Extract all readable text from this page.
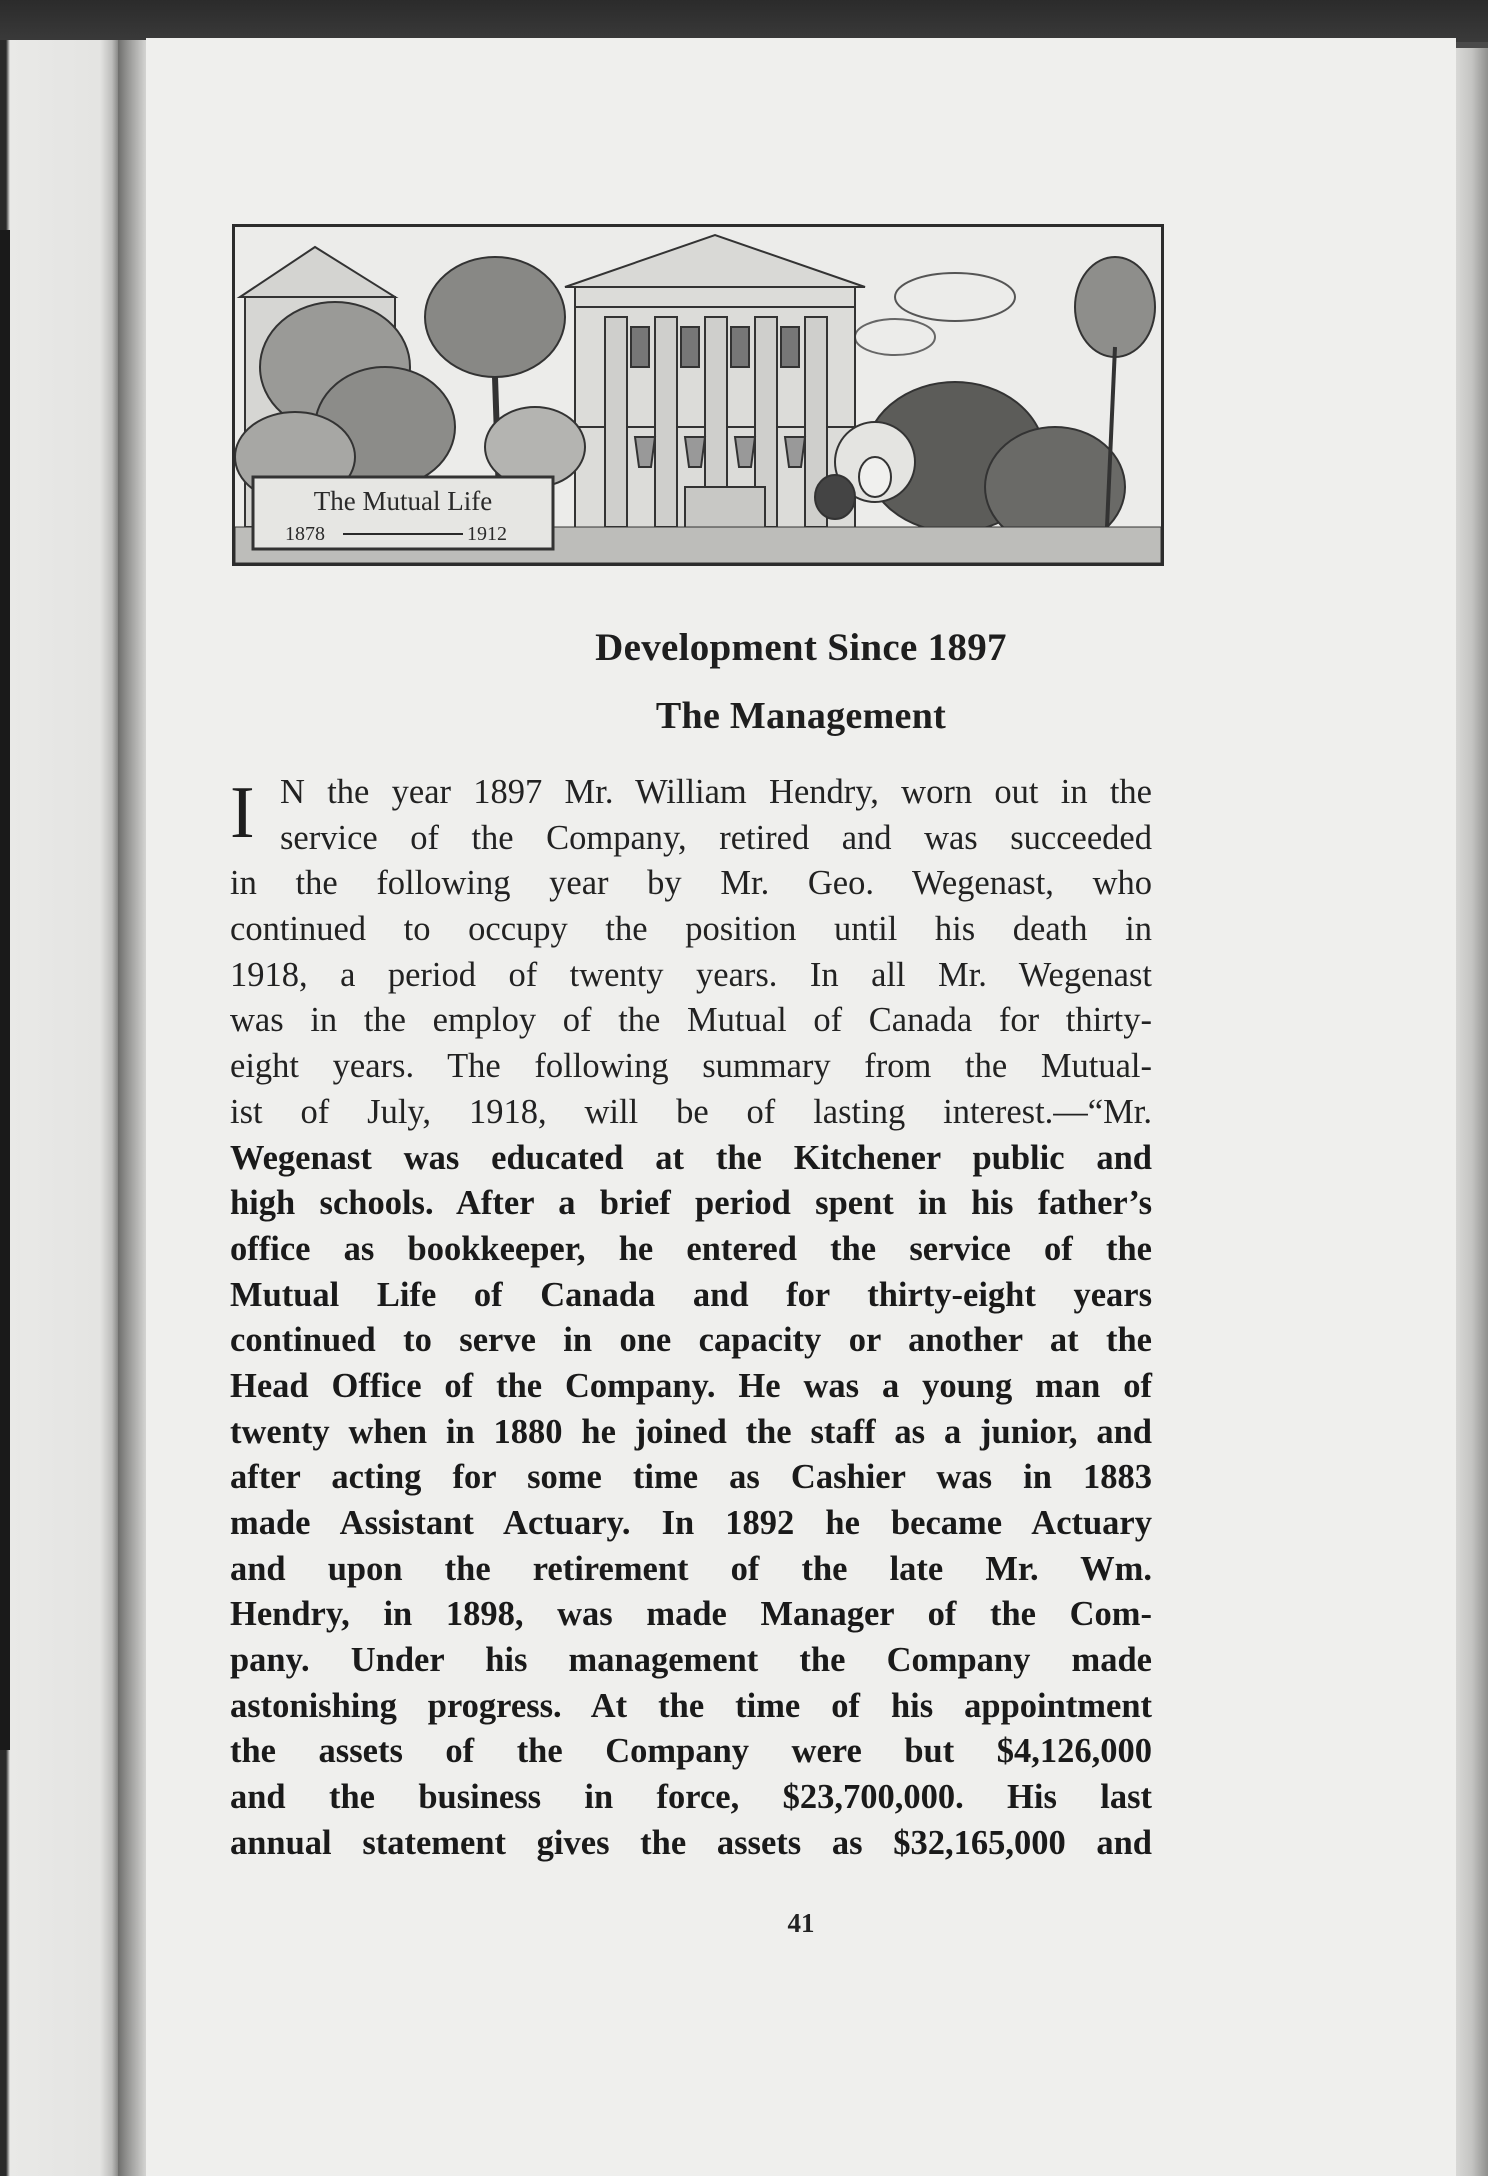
The Mutual Life
1878	1912
Development Since 1897
The Management
I N the year 1897 Mr. William Hendry, worn out in the
service of the Company, retired and was succeeded
in the following year by Mr. Geo. Wegenast, who
continued to occupy the position until his death in
1918, a period of twenty years. In all Mr. Wegenast
was in the employ of the Mutual of Canada for thirty-
eight years. The following summary from the Mutual-
ist of July, 1918, will be of lasting interest.—“Mr.
Wegenast was educated at the Kitchener public and
high schools. After a brief period spent in his father’s
office as bookkeeper, he entered the service of the
Mutual Life of Canada and for thirty-eight years
continued to serve in one capacity or another at the
Head Office of the Company. He was a young man of
twenty when in 1880 he joined the staff as a junior, and
after acting for some time as Cashier was in 1883
made Assistant Actuary. In 1892 he became Actuary
and upon the retirement of the late Mr. Wm.
Hendry, in 1898, was made Manager of the Com-
pany. Under his management the Company made
astonishing progress. At the time of his appointment
the assets of the Company were but $4,126,000
and the business in force, $23,700,000. His last
annual statement gives the assets as $32,165,000 and
41
